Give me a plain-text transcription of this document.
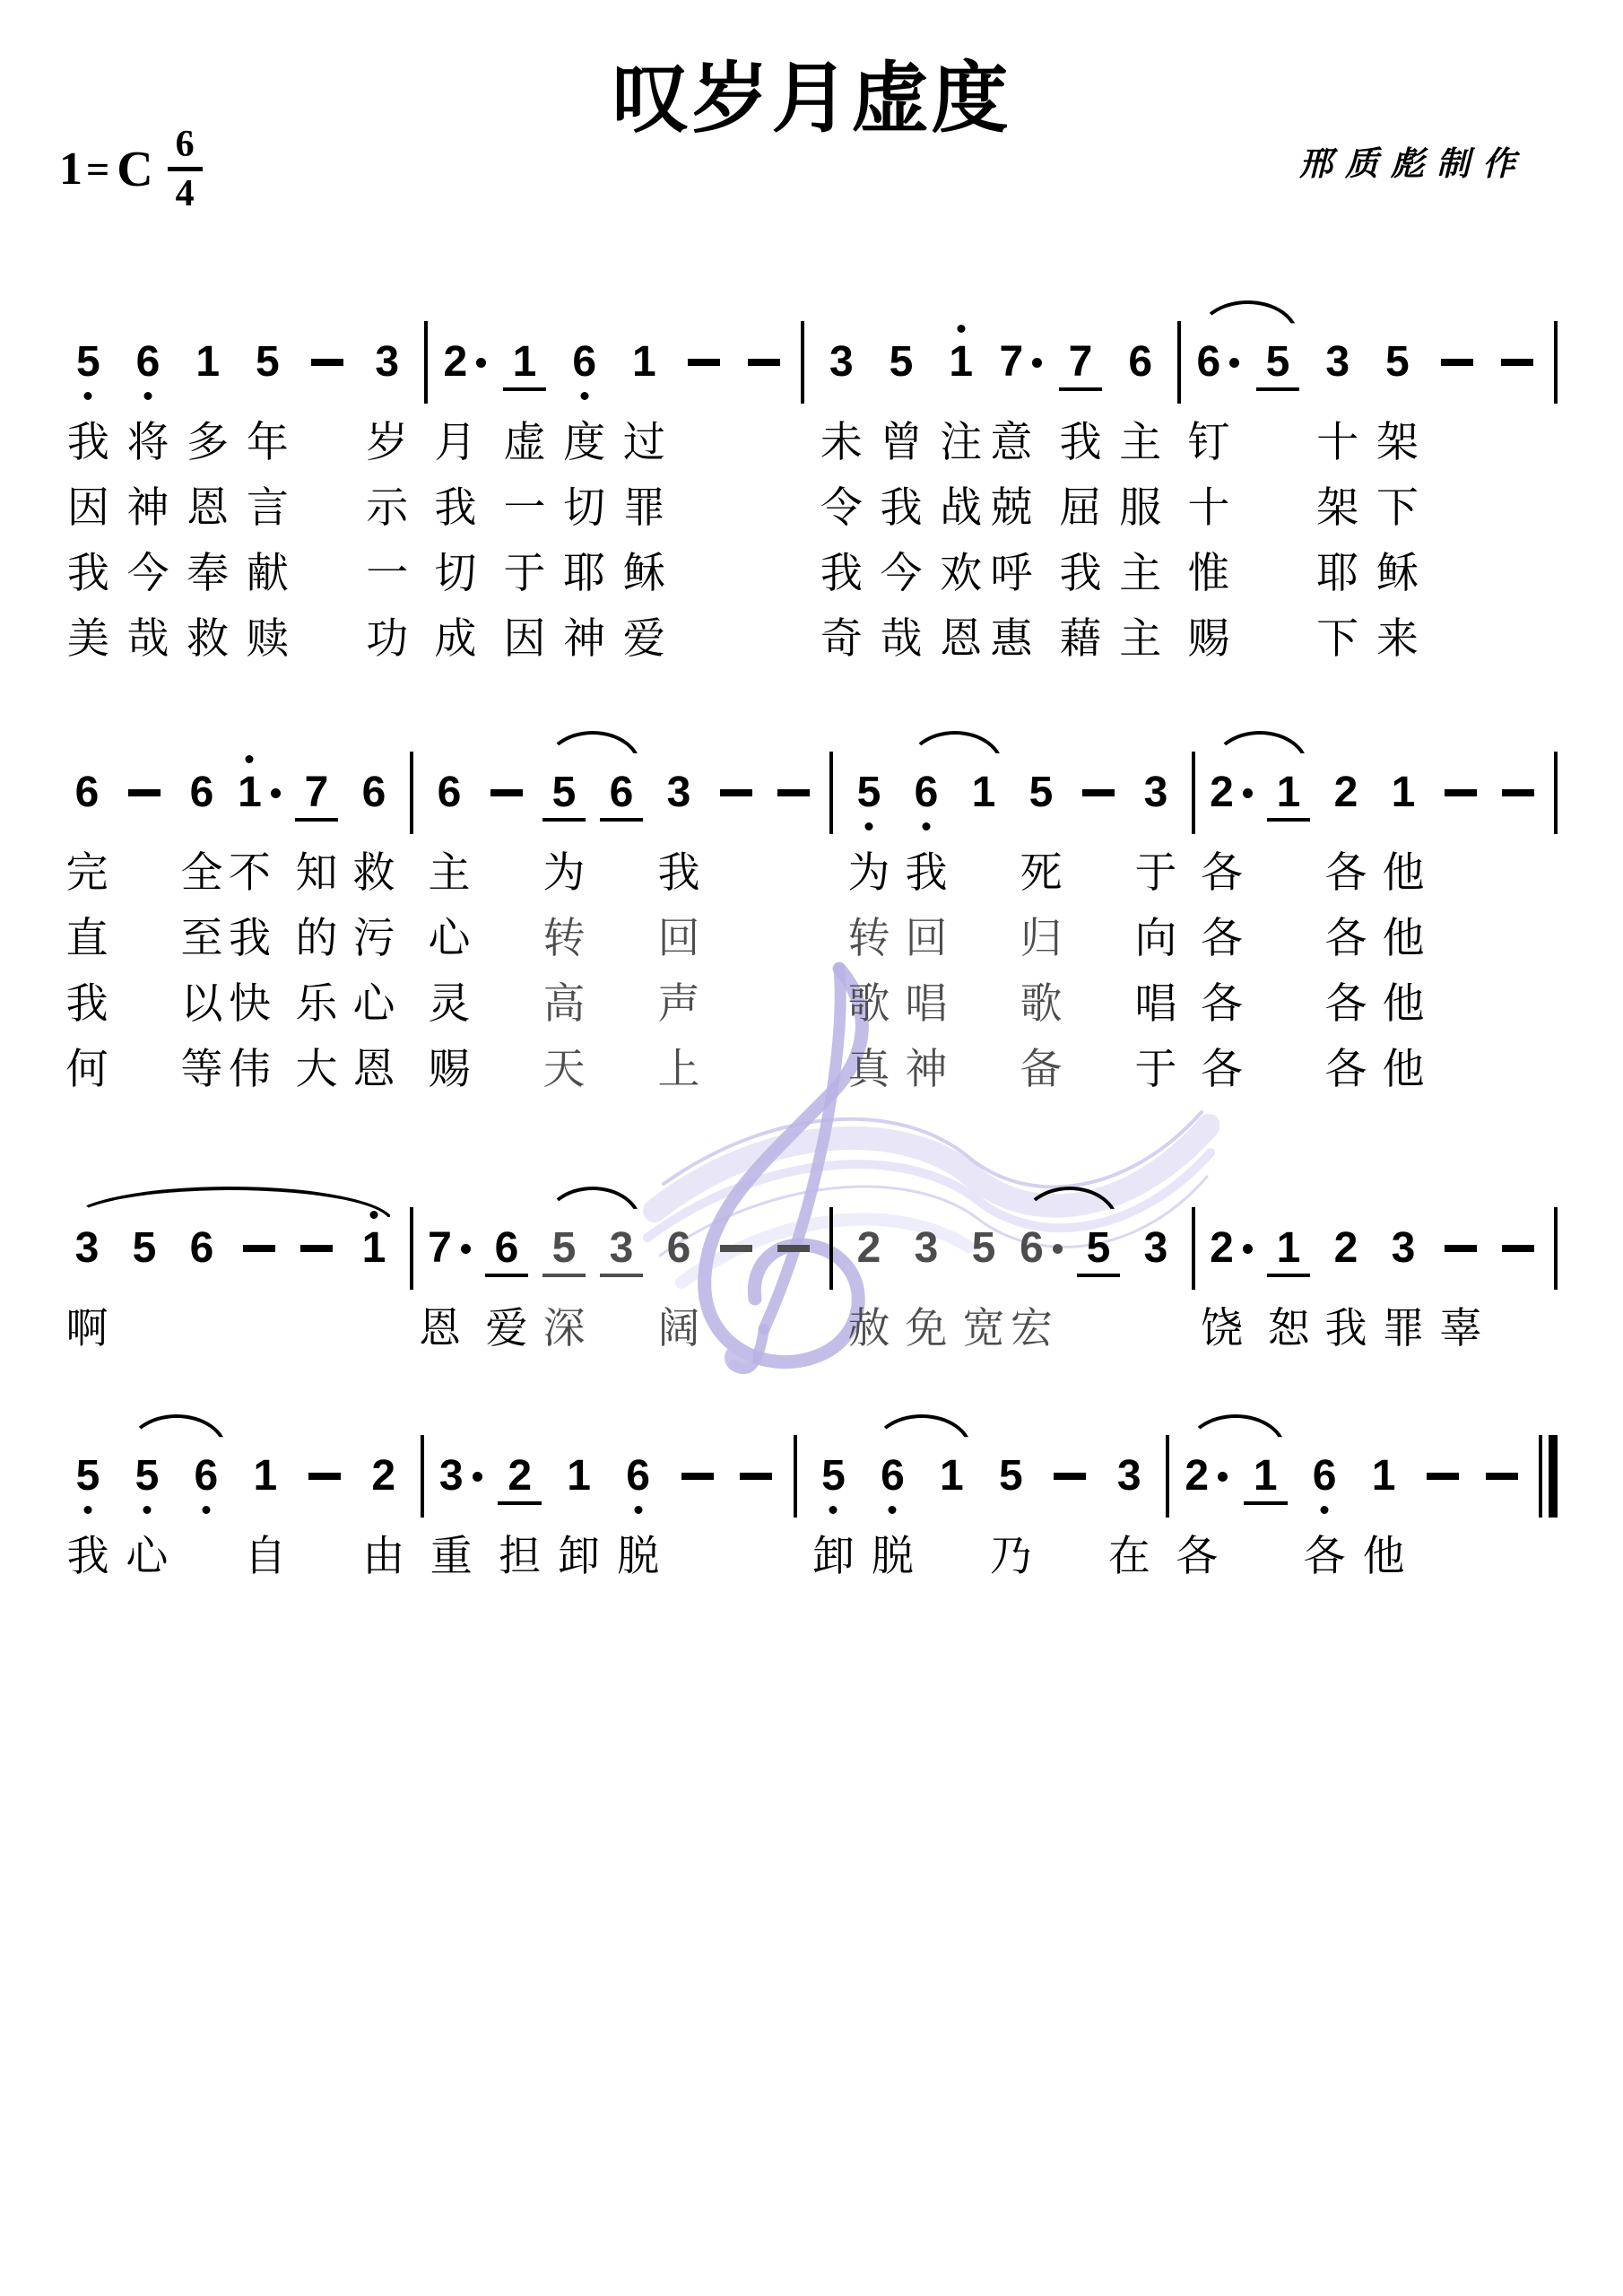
叹岁月虚度
1 = C 6
4
邢质彪制作
5 6 1 5 3 2 1 6 1	3 5 1 7 7 6 6 5 3 5
我 将 多 年 岁 月 虚 度 过	未 曾 注 意 我 主 钉 十 架
因 神 恩 言 示 我 一 切 罪	令 我 战 兢 屈 服 十 架 下
我 今 奉 献 一 切 于 耶 稣	我 今 欢 呼 我 主 惟 耶 稣
美 哉 救 赎 功 成 因 神 爱	奇 哉 恩 惠 藉 主 赐 下 来
6 6 1 7 6 6 5 6 3	5 6 1 5 3 2 1 2 1
完 全 不 知 救 主 为 我	为 我 死 于 各 各 他
直 至 我 的 污 心 转 回	转 回 归 向 各 各 他
我 以 快 乐 心 灵 高 声	歌 唱 歌 唱 各 各 他
何 等 伟 大 恩 赐 天 上	真 神 备 于 各 各 他
3 5 6	1 7 6 5 3 6	2 3 5 6 5 3 2 1 2 3
啊	恩 爱 深 阔	赦 免 宽 宏	饶 恕 我 罪 辜
5 5 6 1 2 3 2 1 6	5 6 1 5 3 2 1 6 1
我 心 自 由 重 担 卸 脱	卸 脱 乃 在 各 各 他
